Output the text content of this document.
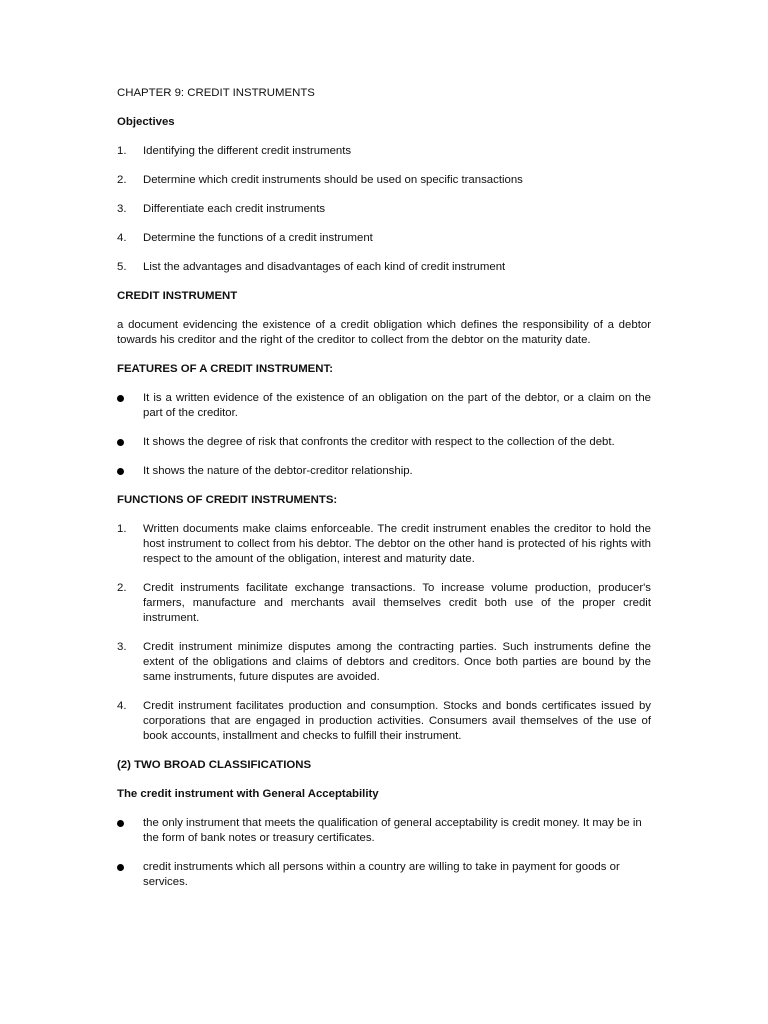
CHAPTER 9: CREDIT INSTRUMENTS
Objectives
1.	Identifying the different credit instruments
2.	Determine which credit instruments should be used on specific transactions
3.	Differentiate each credit instruments
4.	Determine the functions of a credit instrument
5.	List the advantages and disadvantages of each kind of credit instrument
CREDIT INSTRUMENT
a document evidencing the existence of a credit obligation which defines the responsibility of a debtor towards his creditor and the right of the creditor to collect from the debtor on the maturity date.
FEATURES OF A CREDIT INSTRUMENT:
It is a written evidence of the existence of an obligation on the part of the debtor, or a claim on the part of the creditor.
It shows the degree of risk that confronts the creditor with respect to the collection of the debt.
It shows the nature of the debtor-creditor relationship.
FUNCTIONS OF CREDIT INSTRUMENTS:
1.	Written documents make claims enforceable. The credit instrument enables the creditor to hold the host instrument to collect from his debtor. The debtor on the other hand is protected of his rights with respect to the amount of the obligation, interest and maturity date.
2.	Credit instruments facilitate exchange transactions. To increase volume production, producer's farmers, manufacture and merchants avail themselves credit both use of the proper credit instrument.
3.	Credit instrument minimize disputes among the contracting parties. Such instruments define the extent of the obligations and claims of debtors and creditors. Once both parties are bound by the same instruments, future disputes are avoided.
4.	Credit instrument facilitates production and consumption. Stocks and bonds certificates issued by corporations that are engaged in production activities. Consumers avail themselves of the use of book accounts, installment and checks to fulfill their instrument.
(2) TWO BROAD CLASSIFICATIONS
The credit instrument with General Acceptability
the only instrument that meets the qualification of general acceptability is credit money. It may be in the form of bank notes or treasury certificates.
credit instruments which all persons within a country are willing to take in payment for goods or services.
